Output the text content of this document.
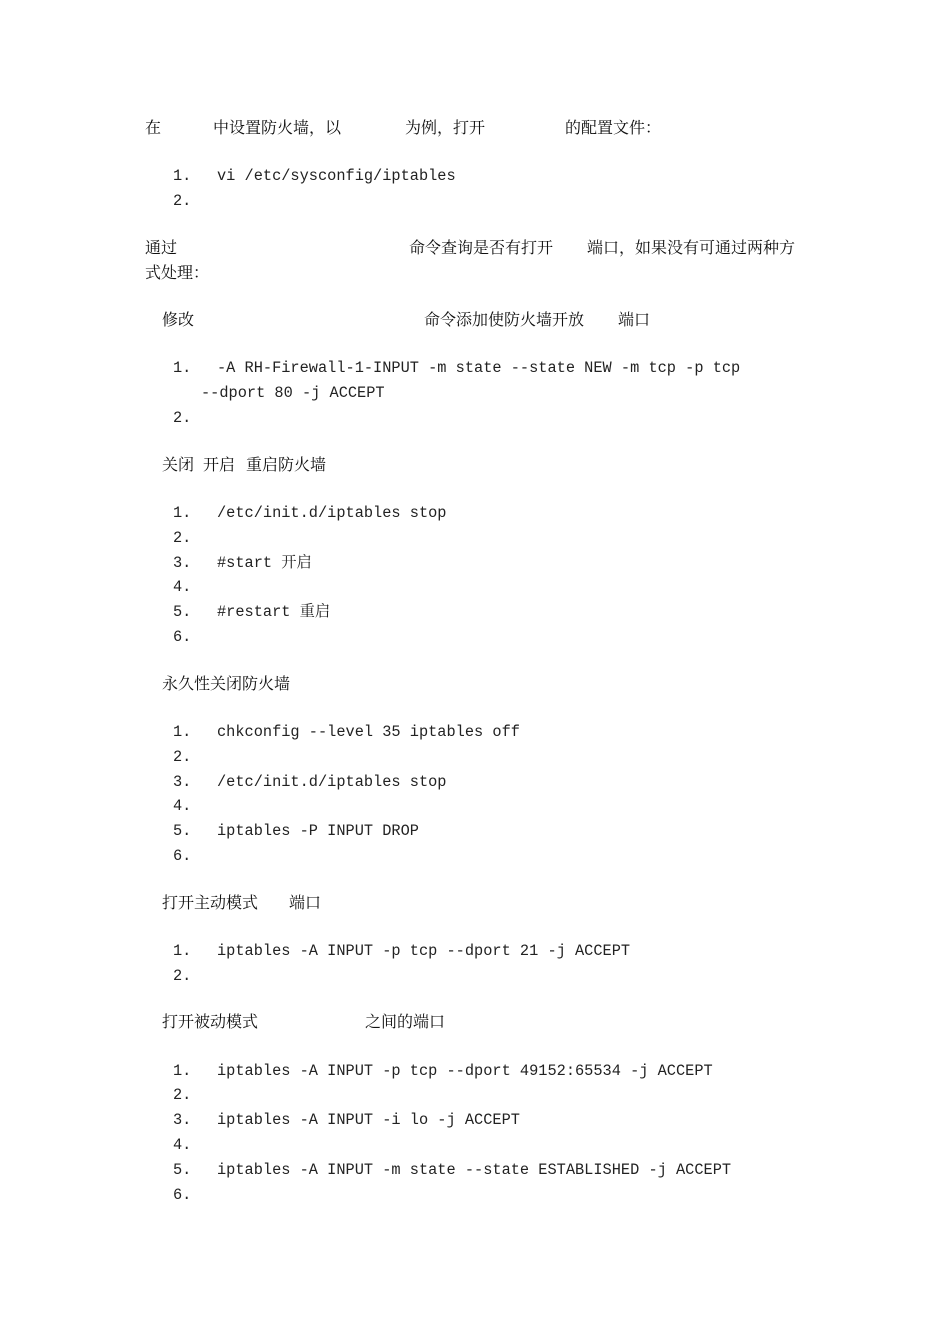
在	中设置防火墙，以	为例，打开	的配置文件：
1. vi /etc/sysconfig/iptables
2.
通过	命令查询是否有打开 端口，如果没有可通过两种方
式处理：
修改	命令添加使防火墙开放 端口
1. -A RH-Firewall-1-INPUT -m state --state NEW -m tcp -p tcp
--dport 80 -j ACCEPT
2.
关闭 开启 重启防火墙
1. /etc/init.d/iptables stop
2.
3. #start 开启
4.
5. #restart 重启
6.
永久性关闭防火墙
1. chkconfig --level 35 iptables off
2.
3. /etc/init.d/iptables stop
4.
5. iptables -P INPUT DROP
6.
打开主动模式 端口
1. iptables -A INPUT -p tcp --dport 21 -j ACCEPT
2.
打开被动模式	之间的端口
1. iptables -A INPUT -p tcp --dport 49152:65534 -j ACCEPT
2.
3. iptables -A INPUT -i lo -j ACCEPT
4.
5. iptables -A INPUT -m state --state ESTABLISHED -j ACCEPT
6.
